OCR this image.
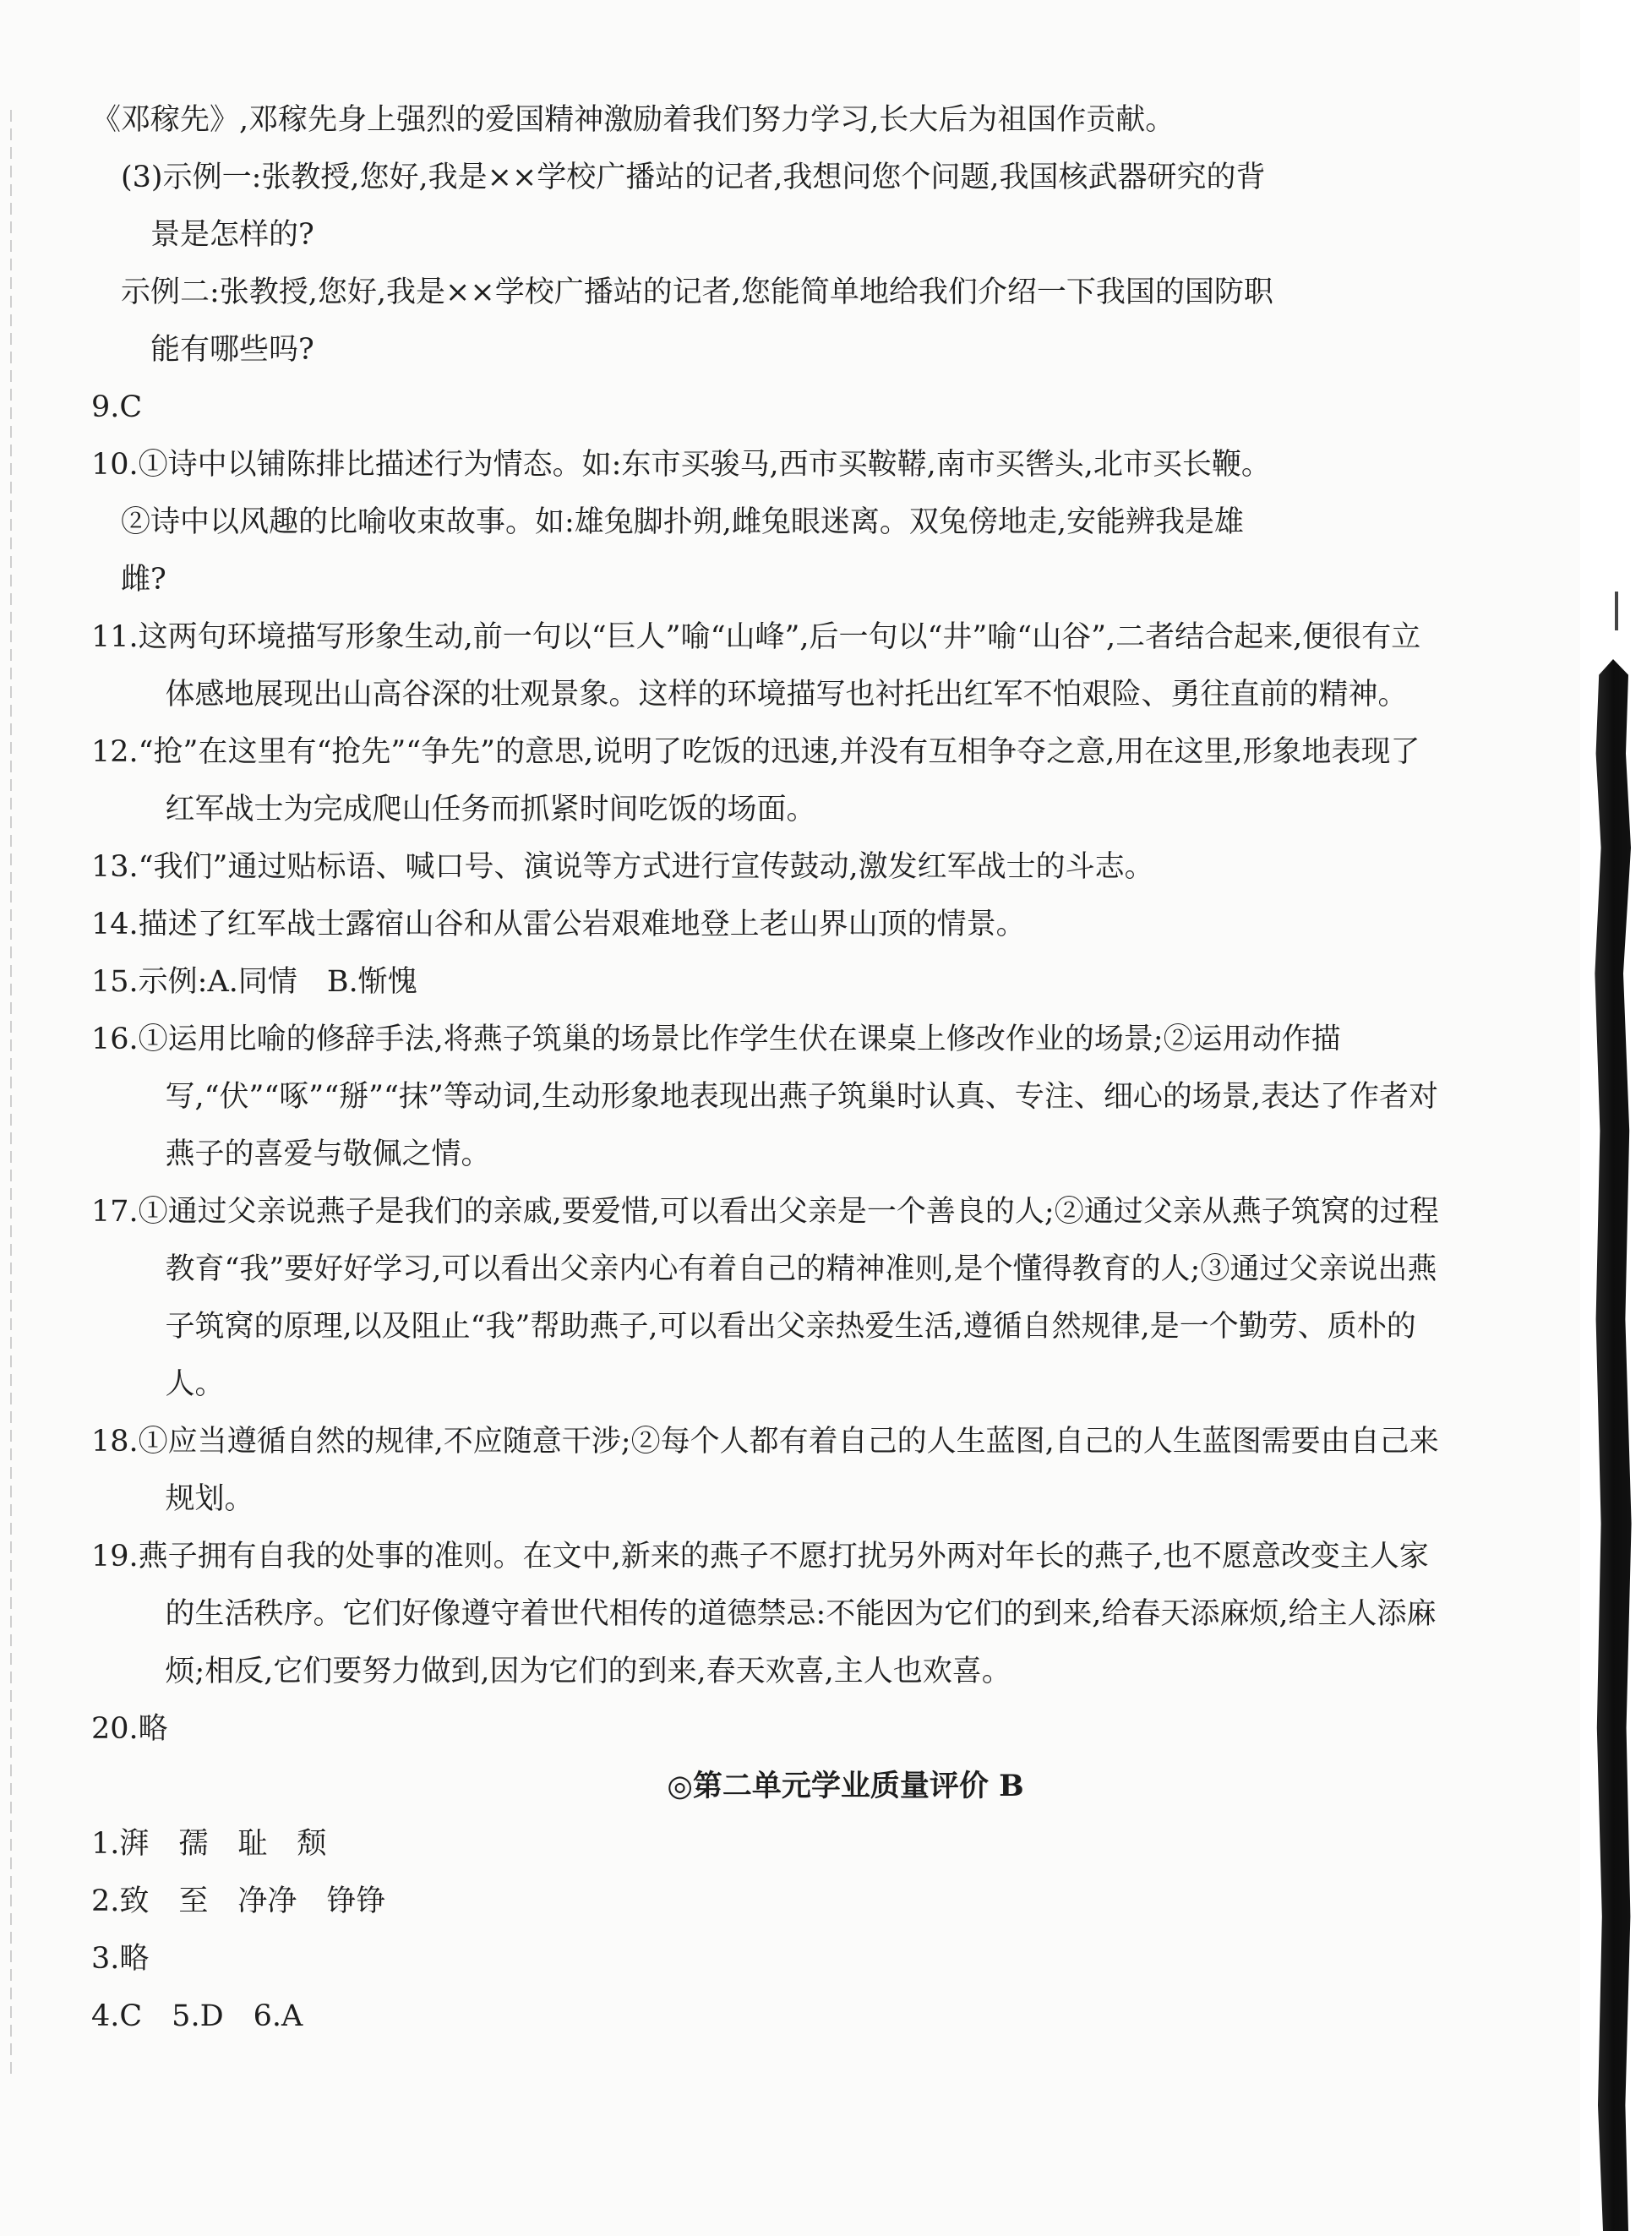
《邓稼先》,邓稼先身上强烈的爱国精神激励着我们努力学习,长大后为祖国作贡献。

(3)示例一:张教授,您好,我是××学校广播站的记者,我想问您个问题,我国核武器研究的背
景是怎样的?

示例二:张教授,您好,我是××学校广播站的记者,您能简单地给我们介绍一下我国的国防职
能有哪些吗?

9.C

10.①诗中以铺陈排比描述行为情态。如:东市买骏马,西市买鞍鞯,南市买辔头,北市买长鞭。
②诗中以风趣的比喻收束故事。如:雄兔脚扑朔,雌兔眼迷离。双兔傍地走,安能辨我是雄
雌?

11.这两句环境描写形象生动,前一句以“巨人”喻“山峰”,后一句以“井”喻“山谷”,二者结合起来,便很有立体感地展现出山高谷深的壮观景象。这样的环境描写也衬托出红军不怕艰险、勇往直前的精神。

12.“抢”在这里有“抢先”“争先”的意思,说明了吃饭的迅速,并没有互相争夺之意,用在这里,形象地表现了红军战士为完成爬山任务而抓紧时间吃饭的场面。

13.“我们”通过贴标语、喊口号、演说等方式进行宣传鼓动,激发红军战士的斗志。

14.描述了红军战士露宿山谷和从雷公岩艰难地登上老山界山顶的情景。

15.示例:A.同情　B.惭愧

16.①运用比喻的修辞手法,将燕子筑巢的场景比作学生伏在课桌上修改作业的场景;②运用动作描写,“伏”“啄”“掰”“抹”等动词,生动形象地表现出燕子筑巢时认真、专注、细心的场景,表达了作者对燕子的喜爱与敬佩之情。

17.①通过父亲说燕子是我们的亲戚,要爱惜,可以看出父亲是一个善良的人;②通过父亲从燕子筑窝的过程教育“我”要好好学习,可以看出父亲内心有着自己的精神准则,是个懂得教育的人;③通过父亲说出燕子筑窝的原理,以及阻止“我”帮助燕子,可以看出父亲热爱生活,遵循自然规律,是一个勤劳、质朴的人。

18.①应当遵循自然的规律,不应随意干涉;②每个人都有着自己的人生蓝图,自己的人生蓝图需要由自己来规划。

19.燕子拥有自我的处事的准则。在文中,新来的燕子不愿打扰另外两对年长的燕子,也不愿意改变主人家的生活秩序。它们好像遵守着世代相传的道德禁忌:不能因为它们的到来,给春天添麻烦,给主人添麻烦;相反,它们要努力做到,因为它们的到来,春天欢喜,主人也欢喜。

20.略

◎第二单元学业质量评价 B

1.湃　孺　耻　颓

2.致　至　净净　铮铮

3.略

4.C　5.D　6.A
